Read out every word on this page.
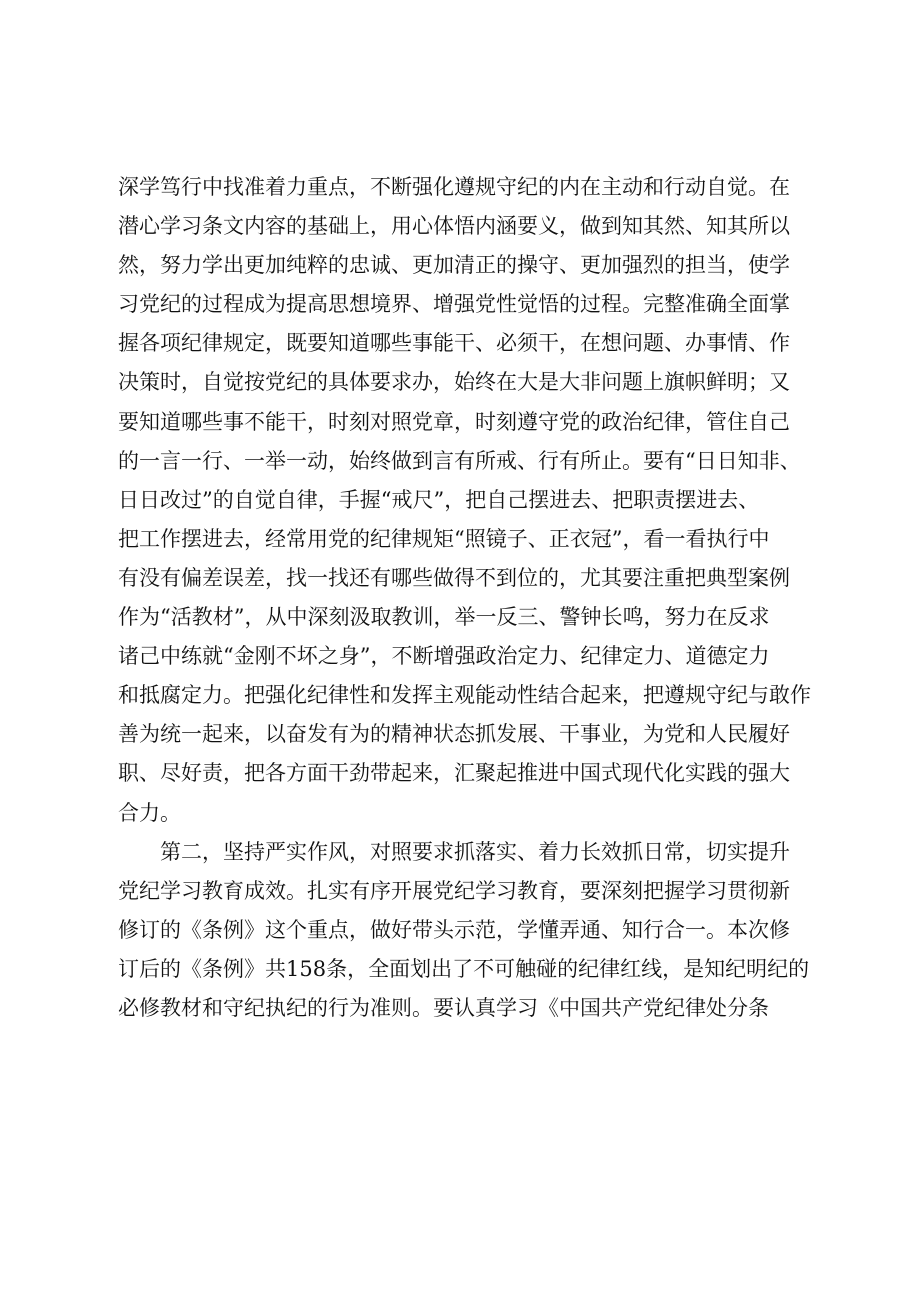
深学笃行中找准着力重点，不断强化遵规守纪的内在主动和行动自觉。在
潜心学习条文内容的基础上，用心体悟内涵要义，做到知其然、知其所以
然，努力学出更加纯粹的忠诚、更加清正的操守、更加强烈的担当，使学
习党纪的过程成为提高思想境界、增强党性觉悟的过程。完整准确全面掌
握各项纪律规定，既要知道哪些事能干、必须干，在想问题、办事情、作
决策时，自觉按党纪的具体要求办，始终在大是大非问题上旗帜鲜明；又
要知道哪些事不能干，时刻对照党章，时刻遵守党的政治纪律，管住自己
的一言一行、一举一动，始终做到言有所戒、行有所止。要有“日日知非、
日日改过”的自觉自律，手握“戒尺”，把自己摆进去、把职责摆进去、
把工作摆进去，经常用党的纪律规矩“照镜子、正衣冠”，看一看执行中
有没有偏差误差，找一找还有哪些做得不到位的，尤其要注重把典型案例
作为“活教材”，从中深刻汲取教训，举一反三、警钟长鸣，努力在反求
诸己中练就“金刚不坏之身”，不断增强政治定力、纪律定力、道德定力
和抵腐定力。把强化纪律性和发挥主观能动性结合起来，把遵规守纪与敢作
善为统一起来，以奋发有为的精神状态抓发展、干事业，为党和人民履好
职、尽好责，把各方面干劲带起来，汇聚起推进中国式现代化实践的强大
合力。
第二，坚持严实作风，对照要求抓落实、着力长效抓日常，切实提升
党纪学习教育成效。扎实有序开展党纪学习教育，要深刻把握学习贯彻新
修订的《条例》这个重点，做好带头示范，学懂弄通、知行合一。本次修
订后的《条例》共158条，全面划出了不可触碰的纪律红线，是知纪明纪的
必修教材和守纪执纪的行为准则。要认真学习《中国共产党纪律处分条
